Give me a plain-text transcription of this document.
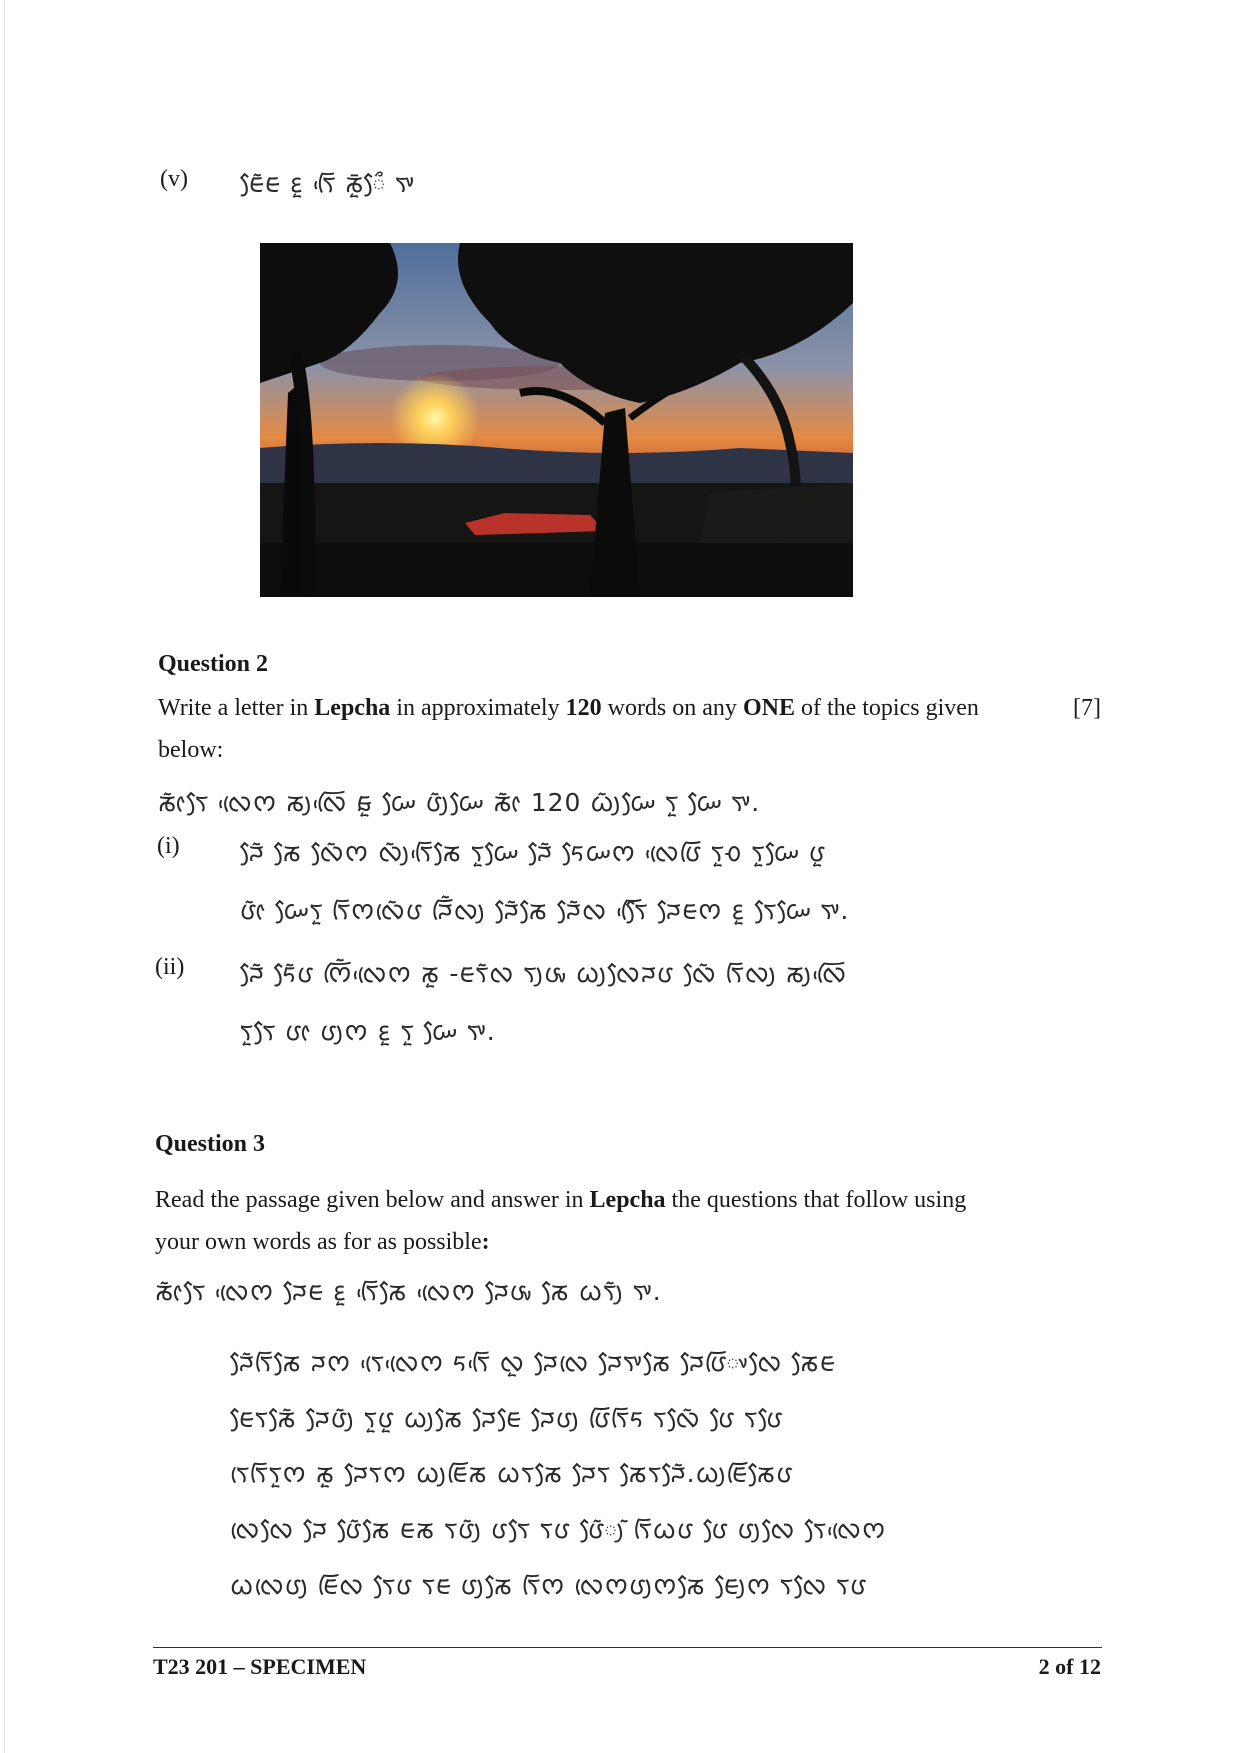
(v) ᰀᰧᰶᰀ ᰚᰬ ᰛᰩᰵ ᰕᰬᰳᰧᰰ ᰛᰤ
Question 2
Write a letter in Lepcha in approximately 120 words on any ONE of the topics given	[7]
below:
ᰕᰦᰶᰛᰧ ᰜᰨᰵᰔ ᰕᰪᰜᰩᰵ ᰑᰬ ᰠᰧ ᰂᰪᰶᰠᰧ ᰕᰦᰶ 120 ᰃᰪᰶᰠᰧ ᰛᰬ ᰠᰧ ᰛᰤ.
(i) ᰎᰧᰶ ᰕᰧ ᰜᰧᰶᰔ ᰜᰪᰶᰛᰩᰵᰕᰧ ᰛᰬᰠᰧ ᰎᰧᰶ ᰁᰧᰠᰔ ᰜᰨᰵᰂᰩ ᰛᰬᰆ ᰛᰬᰠᰧ ᰂᰬ
ᰂᰦᰶ ᰠᰧᰛᰬ ᰛᰩᰔᰜᰨᰶᰂ ᰎᰩᰶᰜᰪ ᰎᰧᰶᰕᰧ ᰎᰧᰶᰜ ᰛᰧᰩᰵ ᰎᰧᰀᰔ ᰚᰬ ᰛᰧᰠᰧ ᰛᰤ.
(ii) ᰎᰧᰶ ᰁᰧᰶᰂ ᰔᰩᰶᰜᰨᰵᰔ ᰕᰬ -ᰀᰛᰶᰜ ᰛᰪᰂᰤ ᰃᰪᰜᰧᰎᰂ ᰜᰧᰶ ᰛᰩᰜᰪ ᰕᰪᰜᰩᰵ
ᰛᰬᰛᰧ ᰂᰦ ᰂᰪᰔ ᰚᰬ ᰛᰬ ᰠᰧ ᰛᰤ.
Question 3
Read the passage given below and answer in Lepcha the questions that follow using
your own words as for as possible:
ᰕᰦᰶᰛᰧ ᰜᰨᰵᰔ ᰎᰧᰀ ᰚᰬ ᰛᰩᰵᰕᰧ ᰜᰨᰵᰔ ᰎᰧᰂᰤ ᰕᰧ ᰃᰛᰪᰶ ᰛᰤ.
ᰎᰧᰶᰛᰩᰕᰧ ᰎᰔ ᰛᰨᰵᰜᰨᰵᰔ ᰁᰛᰩᰵ ᰜᰬ ᰎᰧᰜᰨ ᰎᰧᰛᰤᰕᰧ ᰎᰧᰂᰩᰤᰜᰧ ᰕᰧᰀ
ᰀᰧᰛᰕᰧᰶ ᰎᰧᰂᰪᰶ ᰛᰬᰂᰬ ᰃᰪᰕᰧ ᰎᰧᰀᰧ ᰎᰧᰂᰪ ᰂᰩᰛᰩᰁ ᰛᰜᰧᰶ ᰂᰧ ᰛᰂᰧ
ᰛᰨᰛᰩᰛᰬᰔ ᰕᰬ ᰎᰧᰛᰔ ᰃᰪᰀᰩᰕ ᰃᰛᰕᰧ ᰎᰧᰛ ᰕᰧᰛᰎᰧᰶ.ᰃᰪᰀᰩᰕᰧᰂ
ᰜᰨᰜᰧ ᰎᰧ ᰂᰧᰶᰕᰧ ᰀᰕ ᰛᰂᰪᰶ ᰂᰛᰧ ᰛᰂ ᰂᰧᰶᰪᰶ ᰛᰩᰃᰂ ᰂᰧ ᰂᰪᰜᰧ ᰛᰧᰜᰨᰵᰔ
ᰃᰜᰨᰂᰪ ᰀᰩᰜ ᰛᰧᰂ ᰛᰀ ᰂᰪᰕᰧ ᰛᰩᰔ ᰜᰨᰔᰂᰪᰔᰕᰧ ᰀᰧᰪᰔ ᰛᰜᰧ ᰛᰂ
T23 201 – SPECIMEN	2 of 12
